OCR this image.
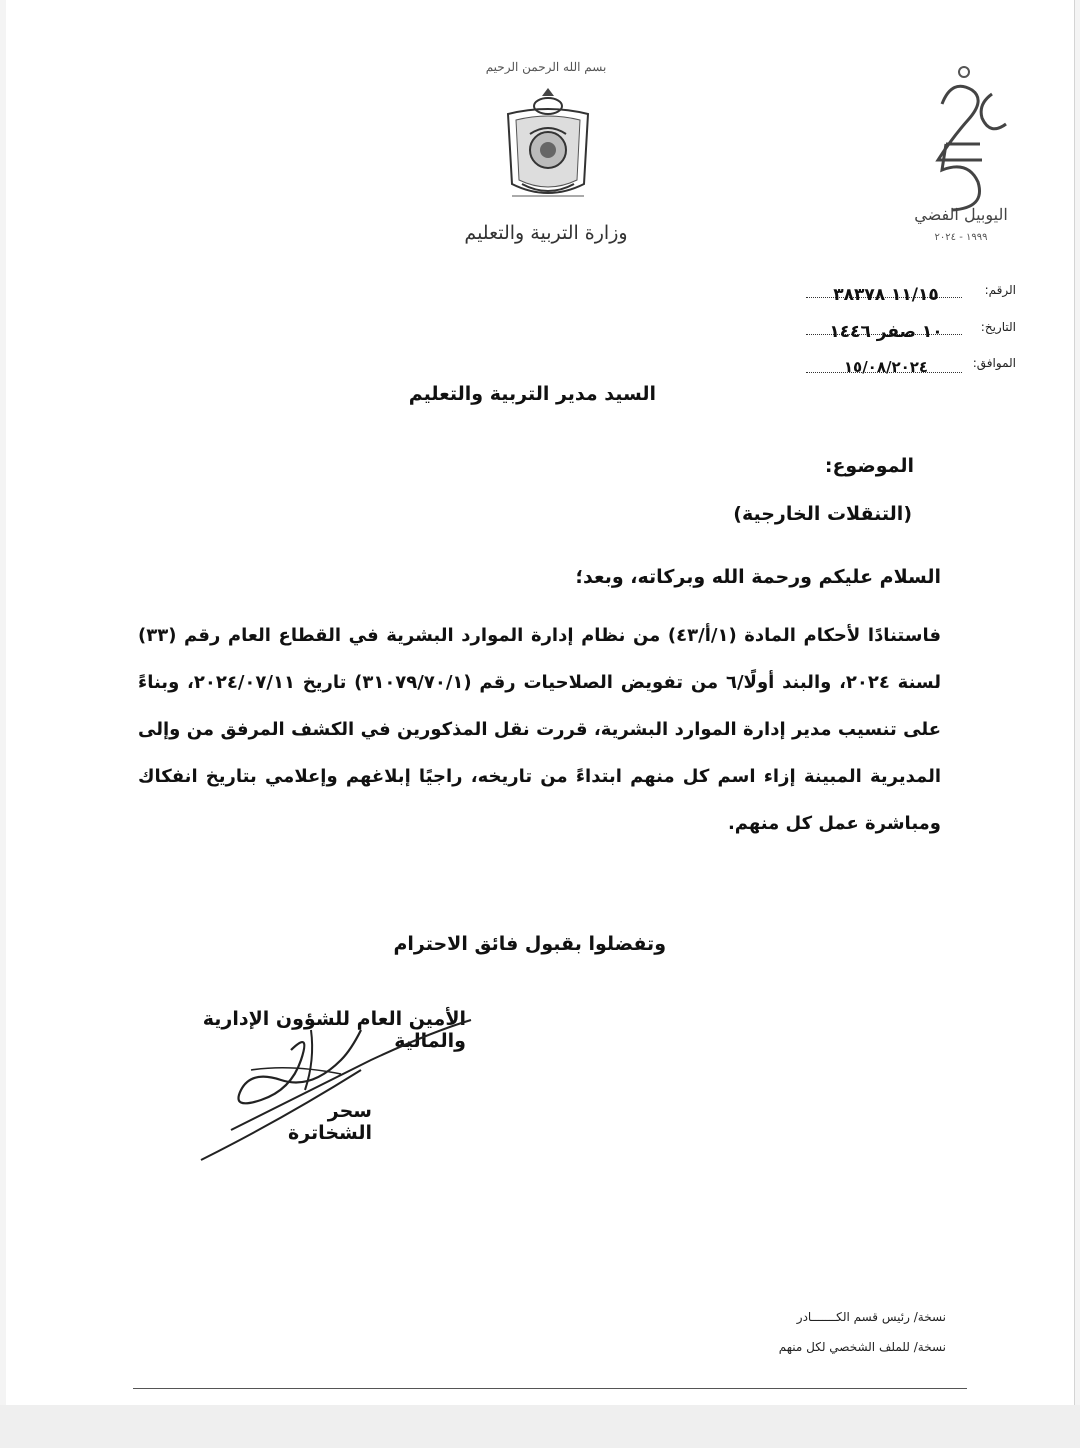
بسم الله الرحمن الرحيم
وزارة التربية والتعليم
اليوبيل الفضي
١٩٩٩ - ٢٠٢٤
الرقم:
١١/١٥ ٣٨٣٧٨
التاريخ:
١٠ صفر ١٤٤٦
الموافق:
١٥/٠٨/٢٠٢٤
السيد مدير التربية والتعليم
الموضوع:
(التنقلات الخارجية)
السلام عليكم ورحمة الله وبركاته، وبعد؛
فاستنادًا لأحكام المادة (١/أ/٤٣) من نظام إدارة الموارد البشرية في القطاع العام رقم (٣٣) لسنة ٢٠٢٤، والبند أولًا/٦ من تفويض الصلاحيات رقم (٣١٠٧٩/٧٠/١) تاريخ ٢٠٢٤/٠٧/١١، وبناءً على تنسيب مدير إدارة الموارد البشرية، قررت نقل المذكورين في الكشف المرفق من وإلى المديرية المبينة إزاء اسم كل منهم ابتداءً من تاريخه، راجيًا إبلاغهم وإعلامي بتاريخ انفكاك ومباشرة عمل كل منهم.
وتفضلوا بقبول فائق الاحترام
الأمين العام للشؤون الإدارية والمالية
سحر الشخاترة
نسخة/ رئيس قسم الكـــــــادر
نسخة/ للملف الشخصي لكل منهم
